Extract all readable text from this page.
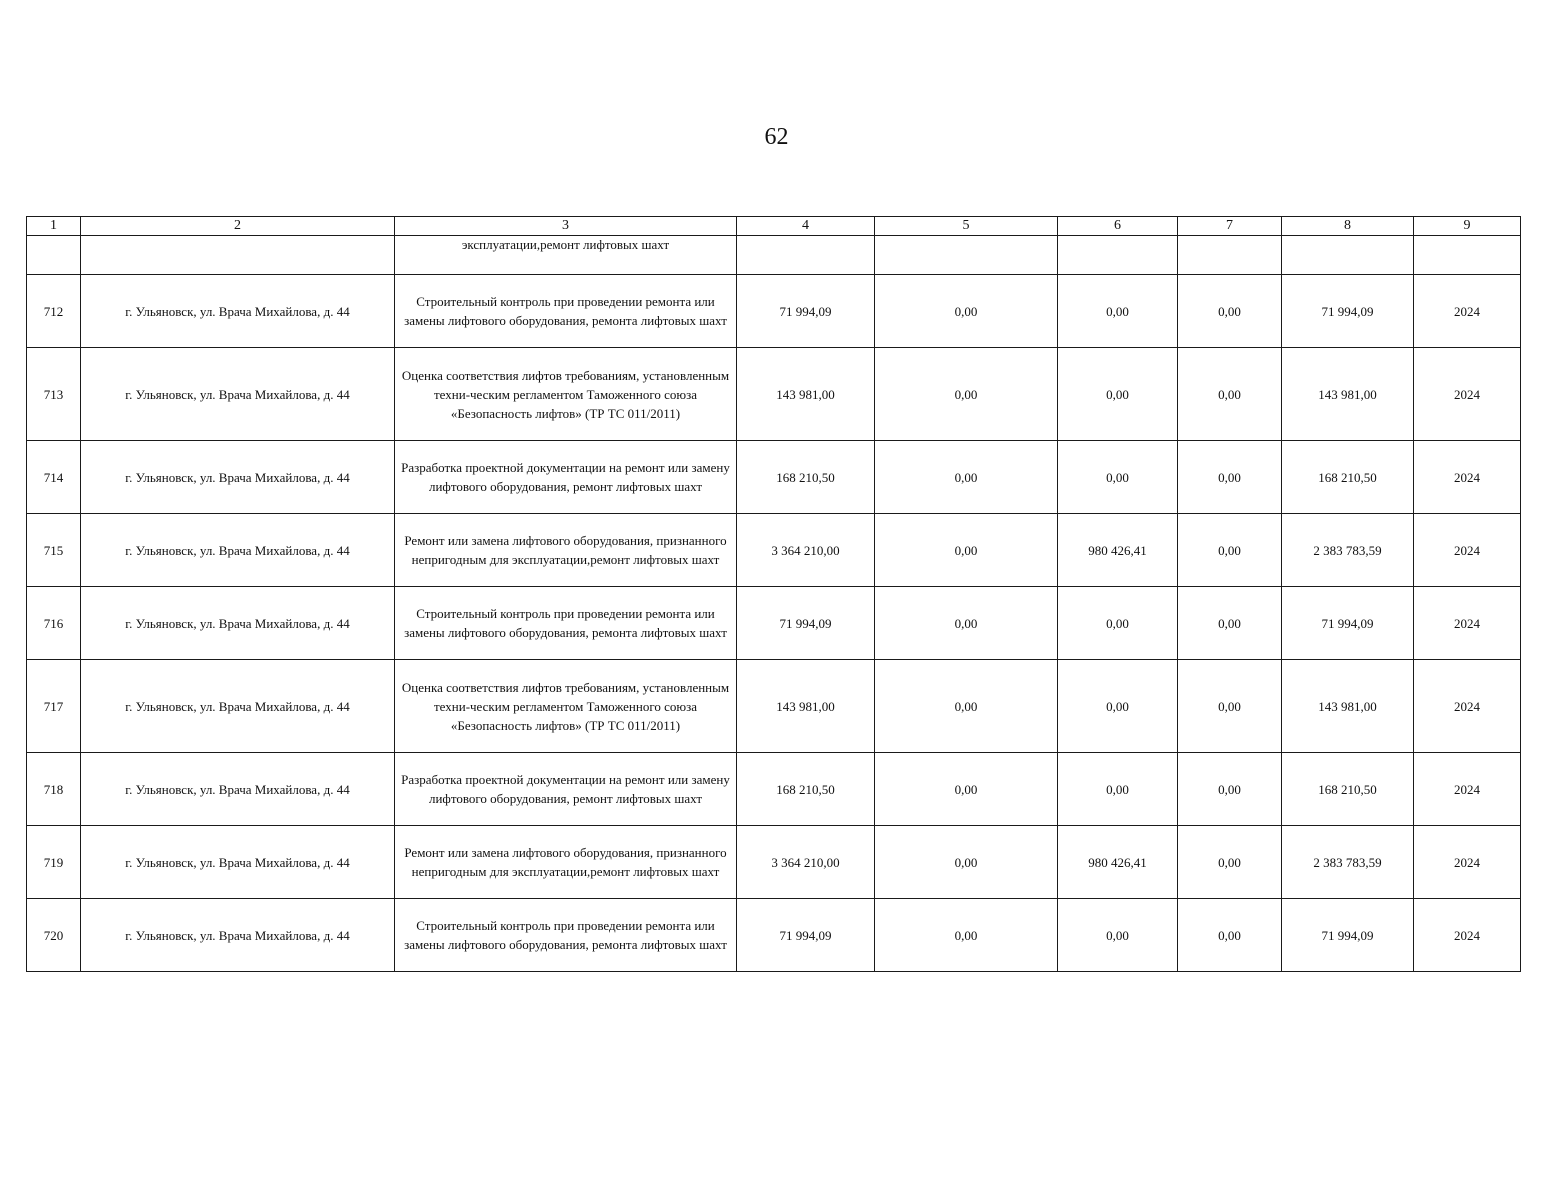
62
1	2	3	4	5	6	7	8	9
		эксплуатации,ремонт лифтовых шахт						
712	г. Ульяновск, ул. Врача Михайлова, д. 44	Строительный контроль при проведении ремонта или замены лифтового оборудования, ремонта лифтовых шахт	71 994,09	0,00	0,00	0,00	71 994,09	2024
713	г. Ульяновск, ул. Врача Михайлова, д. 44	Оценка соответствия лифтов требованиям, установленным техни-ческим регламентом Таможенного союза «Безопасность лифтов» (ТР ТС 011/2011)	143 981,00	0,00	0,00	0,00	143 981,00	2024
714	г. Ульяновск, ул. Врача Михайлова, д. 44	Разработка проектной документации на ремонт или замену лифтового оборудования, ремонт лифтовых шахт	168 210,50	0,00	0,00	0,00	168 210,50	2024
715	г. Ульяновск, ул. Врача Михайлова, д. 44	Ремонт или замена лифтового оборудования, признанного непригодным для эксплуатации,ремонт лифтовых шахт	3 364 210,00	0,00	980 426,41	0,00	2 383 783,59	2024
716	г. Ульяновск, ул. Врача Михайлова, д. 44	Строительный контроль при проведении ремонта или замены лифтового оборудования, ремонта лифтовых шахт	71 994,09	0,00	0,00	0,00	71 994,09	2024
717	г. Ульяновск, ул. Врача Михайлова, д. 44	Оценка соответствия лифтов требованиям, установленным техни-ческим регламентом Таможенного союза «Безопасность лифтов» (ТР ТС 011/2011)	143 981,00	0,00	0,00	0,00	143 981,00	2024
718	г. Ульяновск, ул. Врача Михайлова, д. 44	Разработка проектной документации на ремонт или замену лифтового оборудования, ремонт лифтовых шахт	168 210,50	0,00	0,00	0,00	168 210,50	2024
719	г. Ульяновск, ул. Врача Михайлова, д. 44	Ремонт или замена лифтового оборудования, признанного непригодным для эксплуатации,ремонт лифтовых шахт	3 364 210,00	0,00	980 426,41	0,00	2 383 783,59	2024
720	г. Ульяновск, ул. Врача Михайлова, д. 44	Строительный контроль при проведении ремонта или замены лифтового оборудования, ремонта лифтовых шахт	71 994,09	0,00	0,00	0,00	71 994,09	2024
